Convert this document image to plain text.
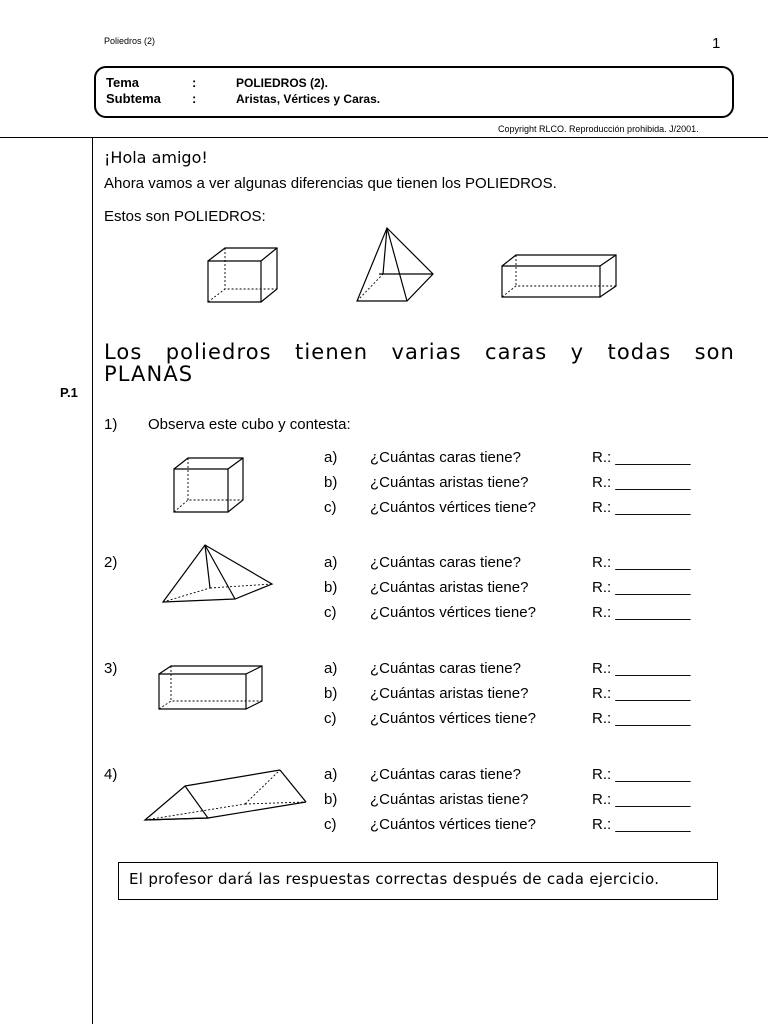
Poliedros (2)	1
Tema	:	POLIEDROS (2).
Subtema :	Aristas, Vértices y Caras.
Copyright RLCO. Reproducción prohibida. J/2001.
P.1
¡Hola amigo!
Ahora vamos a ver algunas diferencias que tienen los POLIEDROS.
Estos son POLIEDROS:
Los   poliedros   tienen   varias   caras   y   todas   son
PLANAS
1) Observa este cubo y contesta:
2)
3)
4)
a) ¿Cuántas caras tiene?	R.: _________
b) ¿Cuántas aristas tiene?	R.: _________
c) ¿Cuántos vértices tiene?	R.: _________
a) ¿Cuántas caras tiene?	R.: _________
b) ¿Cuántas aristas tiene?	R.: _________
c) ¿Cuántos vértices tiene?	R.: _________
a) ¿Cuántas caras tiene?	R.: _________
b) ¿Cuántas aristas tiene?	R.: _________
c) ¿Cuántos vértices tiene?	R.: _________
a) ¿Cuántas caras tiene?	R.: _________
b) ¿Cuántas aristas tiene?	R.: _________
c) ¿Cuántos vértices tiene?	R.: _________
El profesor dará las respuestas correctas después de cada ejercicio.
